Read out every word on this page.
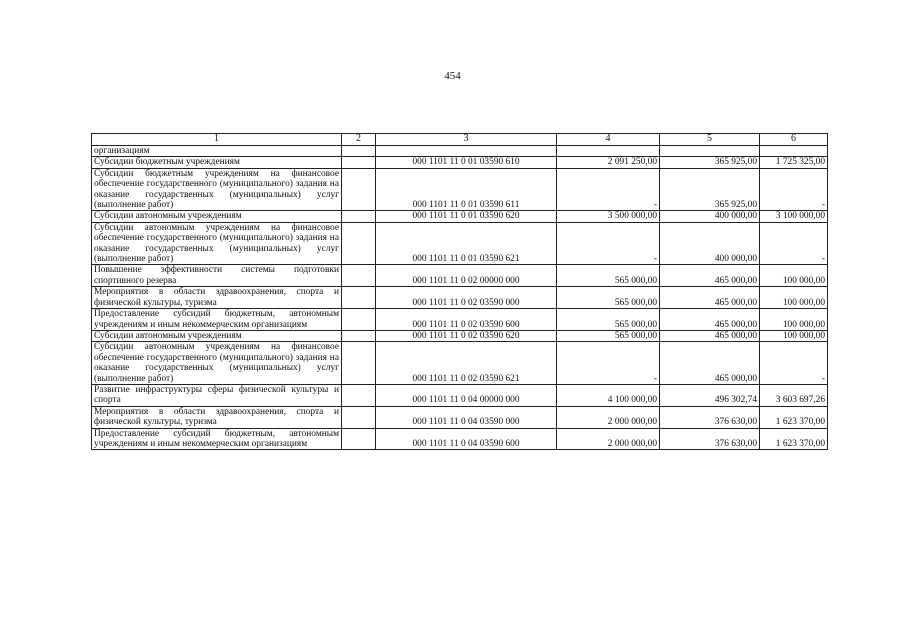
454
1	2	3	4	5	6
организациям					
Субсидии бюджетным учреждениям		000 1101 11 0 01 03590 610	2 091 250,00	365 925,00	1 725 325,00
Субсидии бюджетным учреждениям на финансовое обеспечение государственного (муниципального) задания на оказание государственных (муниципальных) услуг (выполнение работ)		000 1101 11 0 01 03590 611	-	365 925,00	-
Субсидии автономным учреждениям		000 1101 11 0 01 03590 620	3 500 000,00	400 000,00	3 100 000,00
Субсидии автономным учреждениям на финансовое обеспечение государственного (муниципального) задания на оказание государственных (муниципальных) услуг (выполнение работ)		000 1101 11 0 01 03590 621	-	400 000,00	-
Повышение эффективности системы подготовки спортивного резерва		000 1101 11 0 02 00000 000	565 000,00	465 000,00	100 000,00
Мероприятия в области здравоохранения, спорта и физической культуры, туризма		000 1101 11 0 02 03590 000	565 000,00	465 000,00	100 000,00
Предоставление субсидий бюджетным, автономным учреждениям и иным некоммерческим организациям		000 1101 11 0 02 03590 600	565 000,00	465 000,00	100 000,00
Субсидии автономным учреждениям		000 1101 11 0 02 03590 620	565 000,00	465 000,00	100 000,00
Субсидии автономным учреждениям на финансовое обеспечение государственного (муниципального) задания на оказание государственных (муниципальных) услуг (выполнение работ)		000 1101 11 0 02 03590 621	-	465 000,00	-
Развитие инфраструктуры сферы физической культуры и спорта		000 1101 11 0 04 00000 000	4 100 000,00	496 302,74	3 603 697,26
Мероприятия в области здравоохранения, спорта и физической культуры, туризма		000 1101 11 0 04 03590 000	2 000 000,00	376 630,00	1 623 370,00
Предоставление субсидий бюджетным, автономным учреждениям и иным некоммерческим организациям		000 1101 11 0 04 03590 600	2 000 000,00	376 630,00	1 623 370,00
